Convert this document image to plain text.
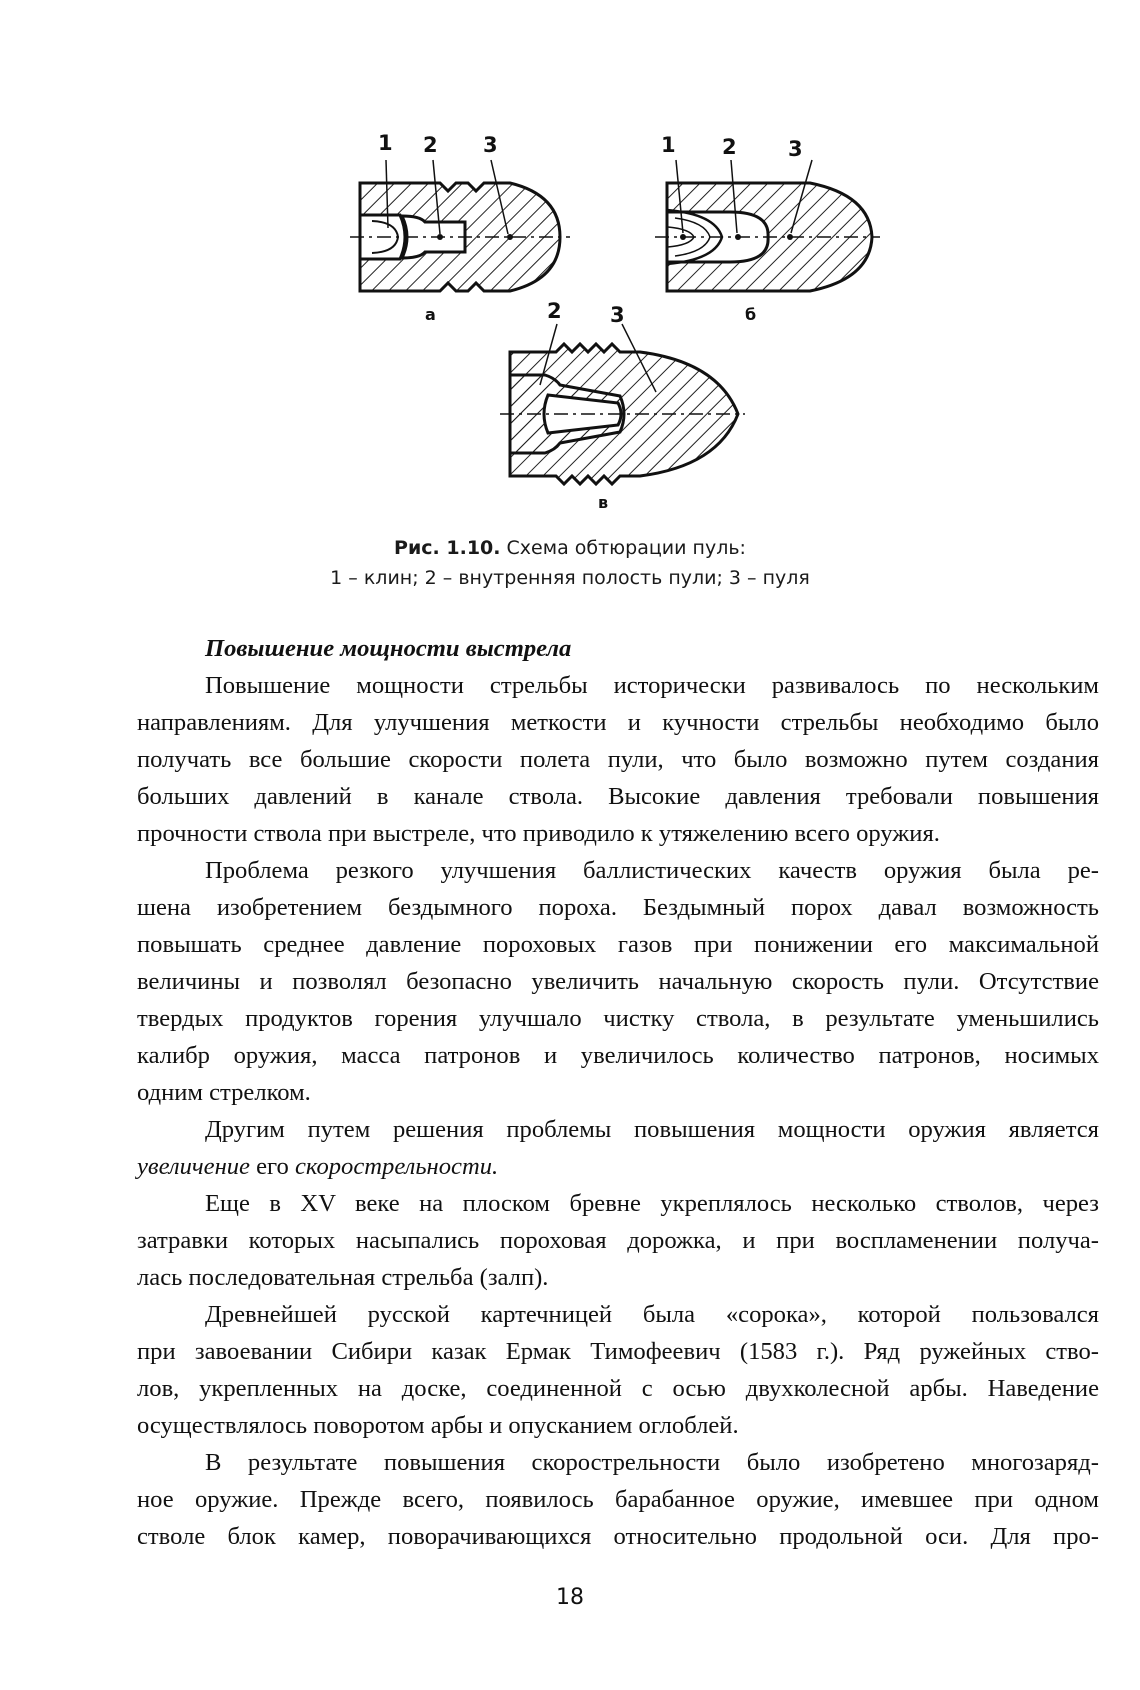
1 2 3
а
1 2 3
б
2 3
в
Рис. 1.10. Схема обтюрации пуль:
1 – клин; 2 – внутренняя полость пули; 3 – пуля

Повышение мощности выстрела

Повышение мощности стрельбы исторически развивалось по нескольким
направлениям. Для улучшения меткости и кучности стрельбы необходимо было
получать все большие скорости полета пули, что было возможно путем создания
больших давлений в канале ствола. Высокие давления требовали повышения
прочности ствола при выстреле, что приводило к утяжелению всего оружия.

Проблема резкого улучшения баллистических качеств оружия была ре-
шена изобретением бездымного пороха. Бездымный порох давал возможность
повышать среднее давление пороховых газов при понижении его максимальной
величины и позволял безопасно увеличить начальную скорость пули. Отсутствие
твердых продуктов горения улучшало чистку ствола, в результате уменьшились
калибр оружия, масса патронов и увеличилось количество патронов, носимых
одним стрелком.

Другим путем решения проблемы повышения мощности оружия является
увеличение его скорострельности.

Еще в XV веке на плоском бревне укреплялось несколько стволов, через
затравки которых насыпались пороховая дорожка, и при воспламенении получа-
лась последовательная стрельба (залп).

Древнейшей русской картечницей была «сорока», которой пользовался
при завоевании Сибири казак Ермак Тимофеевич (1583 г.). Ряд ружейных ство-
лов, укрепленных на доске, соединенной с осью двухколесной арбы. Наведение
осуществлялось поворотом арбы и опусканием оглоблей.

В результате повышения скорострельности было изобретено многозаряд-
ное оружие. Прежде всего, появилось барабанное оружие, имевшее при одном
стволе блок камер, поворачивающихся относительно продольной оси. Для про-

18
